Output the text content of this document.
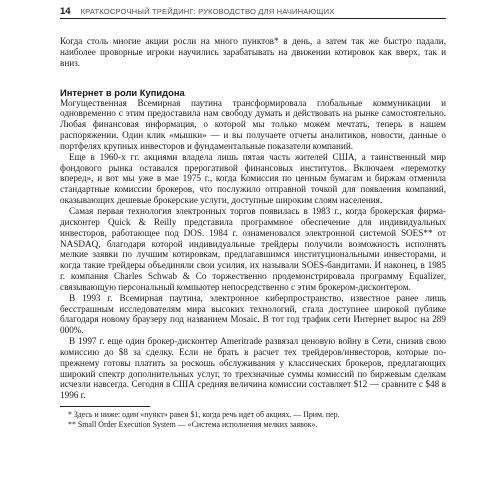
14 КРАТКОСРОЧНЫЙ ТРЕЙДИНГ: РУКОВОДСТВО ДЛЯ НАЧИНАЮЩИХ

Когда столь многие акции росли на много пунктов* в день, а затем так же быстро падали, наиболее проворные игроки научились зарабатывать на движении котировок как вверх, так и вниз.

Интернет в роли Купидона

Могущественная Всемирная паутина трансформировала глобальные коммуникации и одновременно с этим предоставила нам свободу думать и действовать на рынке самостоятельно. Любая финансовая информация, о которой мы только можем мечтать, теперь в нашем распоряжении. Один клик «мышки» — и вы получаете отчеты аналитиков, новости, данные о портфелях крупных инвесторов и фундаментальные показатели компаний.

Еще в 1960-х гг. акциями владела лишь пятая часть жителей США, а таинственный мир фондового рынка оставался прерогативой финансовых институтов. Включаем «перемотку вперед», и вот мы уже в мае 1975 г., когда Комиссия по ценным бумагам и биржам отменила стандартные комиссии брокеров, что послужило отправной точкой для появления компаний, оказывающих дешевые брокерские услуги, доступные широким слоям населения.

Самая первая технология электронных торгов появилась в 1983 г., когда брокерская фирма-дисконтер Quick & Reilly представила программное обеспечение для индивидуальных инвесторов, работающее под DOS. 1984 г. ознаменовался электронной системой SOES** от NASDAQ, благодаря которой индивидуальные трейдеры получили возможность исполнять мелкие заявки по лучшим котировкам, предлагавшимся институциональными инвесторами, и когда такие трейдеры объединяли свои усилия, их называли SOES-бандитами. И наконец, в 1985 г. компания Charles Schwab & Co торжественно продемонстрировала программу Equalizer, связывающую персональный компьютер непосредственно с этим брокером-дисконтером.

В 1993 г. Всемирная паутина, электронное киберпространство, известное ранее лишь бесстрашным исследователям мира высоких технологий, стала доступнее широкой публике благодаря новому браузеру под названием Mosaic. В тот год трафик сети Интернет вырос на 289 000%.

В 1997 г. еще один брокер-дисконтер Ameritrade развязал ценовую войну в Сети, снизив свою комиссию до $8 за сделку. Если не брать в расчет тех трейдеров/инвесторов, которые по-прежнему готовы платить за роскошь обслуживания у классических брокеров, предлагающих широкий спектр дополнительных услуг, то трехзначные суммы комиссий по биржевым сделкам исчезли навсегда. Сегодня в США средняя величина комиссии составляет $12 — сравните с $48 в 1996 г.

* Здесь и ниже: один «пункт» равен $1, когда речь идет об акциях. — Прим. пер.

** Small Order Execution System — «Система исполнения мелких заявок».
